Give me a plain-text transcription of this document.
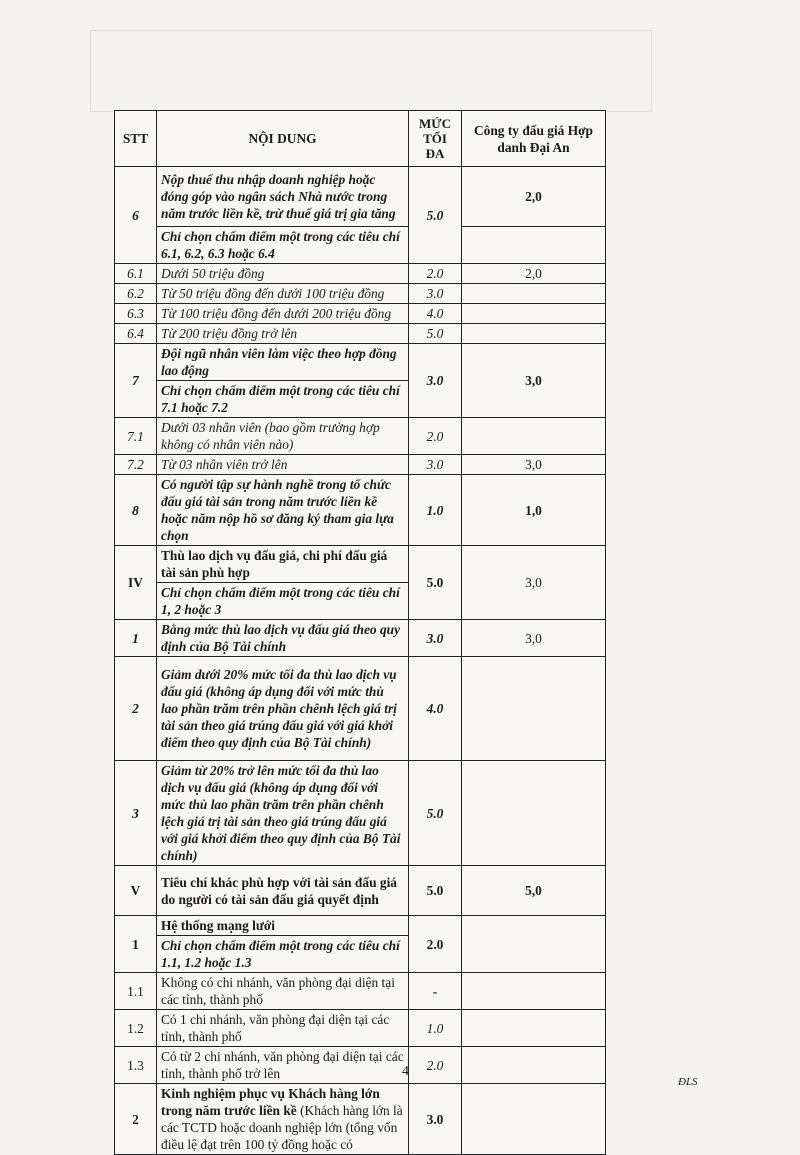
STT	NỘI DUNG	MỨC TỐI ĐA	Công ty đấu giá Hợp danh Đại An
6	Nộp thuế thu nhập doanh nghiệp hoặc đóng góp vào ngân sách Nhà nước trong năm trước liền kề, trừ thuế giá trị gia tăng	5.0	2,0
	Chỉ chọn chấm điểm một trong các tiêu chí 6.1, 6.2, 6.3 hoặc 6.4		
6.1	Dưới 50 triệu đồng	2.0	2,0
6.2	Từ 50 triệu đồng đến dưới 100 triệu đồng	3.0	
6.3	Từ 100 triệu đồng đến dưới 200 triệu đồng	4.0	
6.4	Từ 200 triệu đồng trở lên	5.0	
7	Đội ngũ nhân viên làm việc theo hợp đồng lao động	3.0	3,0
	Chỉ chọn chấm điểm một trong các tiêu chí 7.1 hoặc 7.2		
7.1	Dưới 03 nhân viên (bao gồm trường hợp không có nhân viên nào)	2.0	
7.2	Từ 03 nhân viên trở lên	3.0	3,0
8	Có người tập sự hành nghề trong tổ chức đấu giá tài sản trong năm trước liền kề hoặc năm nộp hồ sơ đăng ký tham gia lựa chọn	1.0	1,0
IV	Thù lao dịch vụ đấu giá, chi phí đấu giá tài sản phù hợp	5.0	3,0
	Chỉ chọn chấm điểm một trong các tiêu chí 1, 2 hoặc 3		
1	Bằng mức thù lao dịch vụ đấu giá theo quy định của Bộ Tài chính	3.0	3,0
2	Giảm dưới 20% mức tối đa thù lao dịch vụ đấu giá (không áp dụng đối với mức thù lao phần trăm trên phần chênh lệch giá trị tài sản theo giá trúng đấu giá với giá khởi điểm theo quy định của Bộ Tài chính)	4.0	
3	Giảm từ 20% trở lên mức tối đa thù lao dịch vụ đấu giá (không áp dụng đối với mức thù lao phần trăm trên phần chênh lệch giá trị tài sản theo giá trúng đấu giá với giá khởi điểm theo quy định của Bộ Tài chính)	5.0	
V	Tiêu chí khác phù hợp với tài sản đấu giá do người có tài sản đấu giá quyết định	5.0	5,0
1	Hệ thống mạng lưới	2.0	
	Chỉ chọn chấm điểm một trong các tiêu chí 1.1, 1.2 hoặc 1.3		
1.1	Không có chi nhánh, văn phòng đại diện tại các tỉnh, thành phố	-	
1.2	Có 1 chi nhánh, văn phòng đại diện tại các tỉnh, thành phố	1.0	
1.3	Có từ 2 chi nhánh, văn phòng đại diện tại các tỉnh, thành phố trở lên	2.0	
2	Kinh nghiệm phục vụ Khách hàng lớn trong năm trước liền kề (Khách hàng lớn là các TCTD hoặc doanh nghiệp lớn (tổng vốn điều lệ đạt trên 100 tỷ đồng hoặc có	3.0	
4
ĐLS
